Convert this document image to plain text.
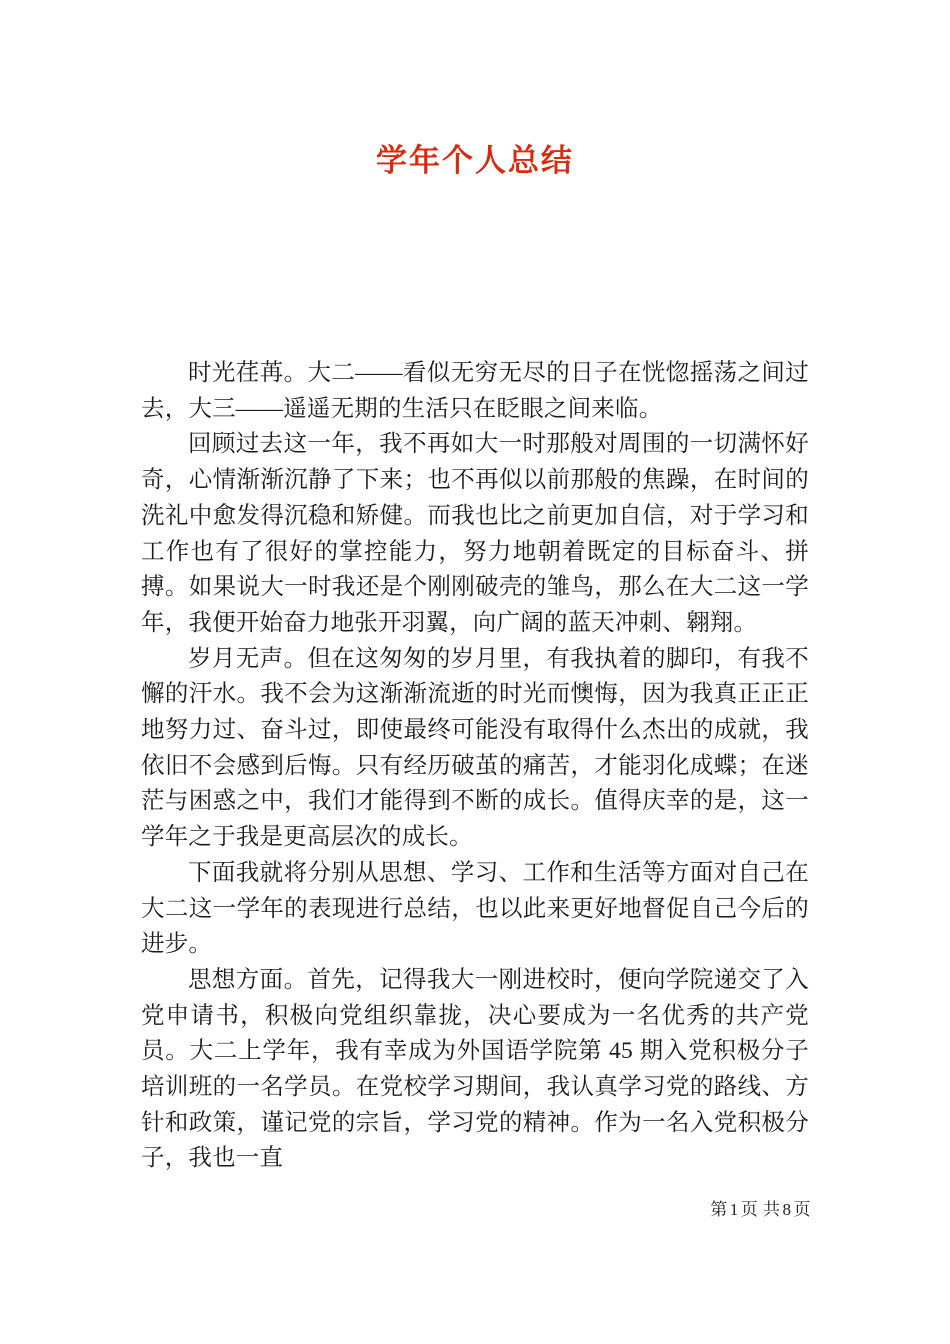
学年个人总结

时光荏苒。大二——看似无穷无尽的日子在恍惚摇荡之间过去，大三——遥遥无期的生活只在眨眼之间来临。

回顾过去这一年，我不再如大一时那般对周围的一切满怀好奇，心情渐渐沉静了下来；也不再似以前那般的焦躁，在时间的洗礼中愈发得沉稳和矫健。而我也比之前更加自信，对于学习和工作也有了很好的掌控能力，努力地朝着既定的目标奋斗、拼搏。如果说大一时我还是个刚刚破壳的雏鸟，那么在大二这一学年，我便开始奋力地张开羽翼，向广阔的蓝天冲刺、翱翔。

岁月无声。但在这匆匆的岁月里，有我执着的脚印，有我不懈的汗水。我不会为这渐渐流逝的时光而懊悔，因为我真正正正地努力过、奋斗过，即使最终可能没有取得什么杰出的成就，我依旧不会感到后悔。只有经历破茧的痛苦，才能羽化成蝶；在迷茫与困惑之中，我们才能得到不断的成长。值得庆幸的是，这一学年之于我是更高层次的成长。

下面我就将分别从思想、学习、工作和生活等方面对自己在大二这一学年的表现进行总结，也以此来更好地督促自己今后的进步。

思想方面。首先，记得我大一刚进校时，便向学院递交了入党申请书，积极向党组织靠拢，决心要成为一名优秀的共产党员。大二上学年，我有幸成为外国语学院第 45 期入党积极分子培训班的一名学员。在党校学习期间，我认真学习党的路线、方针和政策，谨记党的宗旨，学习党的精神。作为一名入党积极分子，我也一直

第 1 页 共 8 页
